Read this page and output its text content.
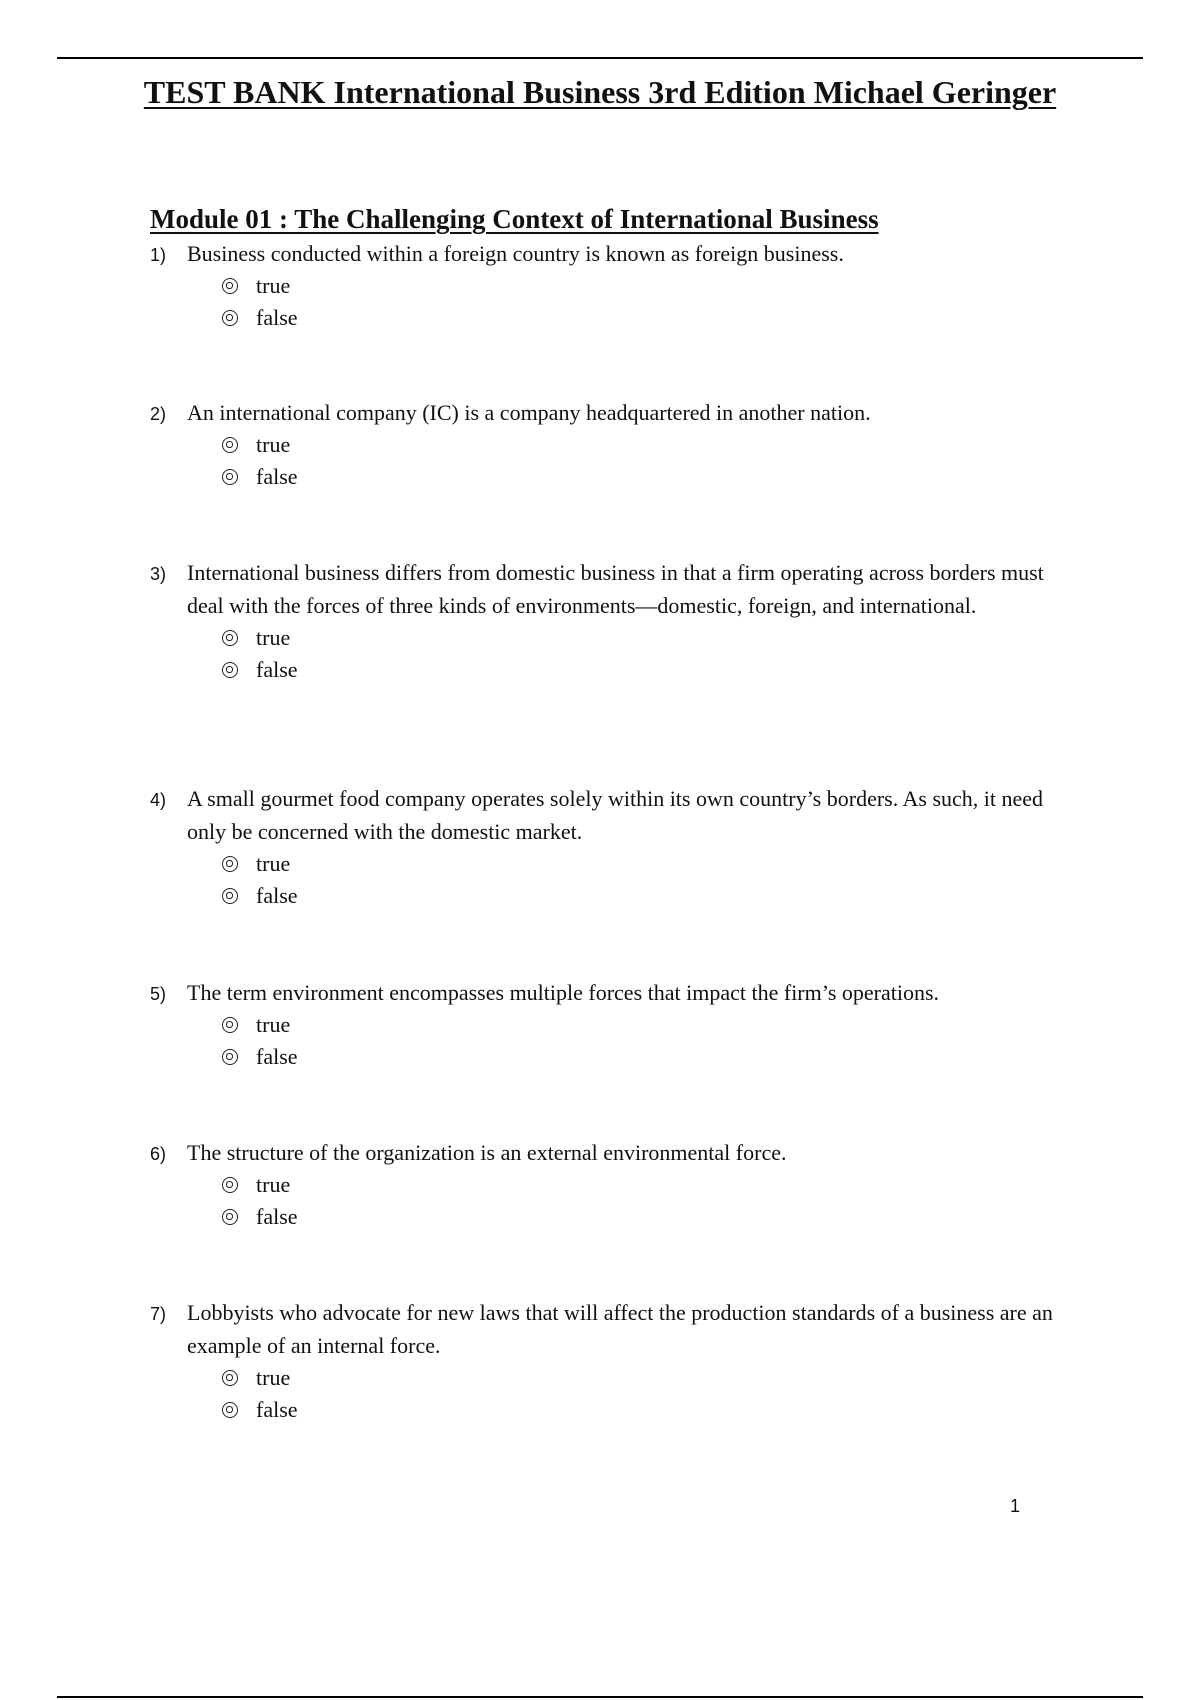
TEST BANK International Business 3rd Edition Michael Geringer
Module 01 : The Challenging Context of International Business
1) Business conducted within a foreign country is known as foreign business.
true
false
2) An international company (IC) is a company headquartered in another nation.
true
false
3) International business differs from domestic business in that a firm operating across borders must deal with the forces of three kinds of environments—domestic, foreign, and international.
true
false
4) A small gourmet food company operates solely within its own country’s borders. As such, it need only be concerned with the domestic market.
true
false
5) The term environment encompasses multiple forces that impact the firm’s operations.
true
false
6) The structure of the organization is an external environmental force.
true
false
7) Lobbyists who advocate for new laws that will affect the production standards of a business are an example of an internal force.
true
false
1
